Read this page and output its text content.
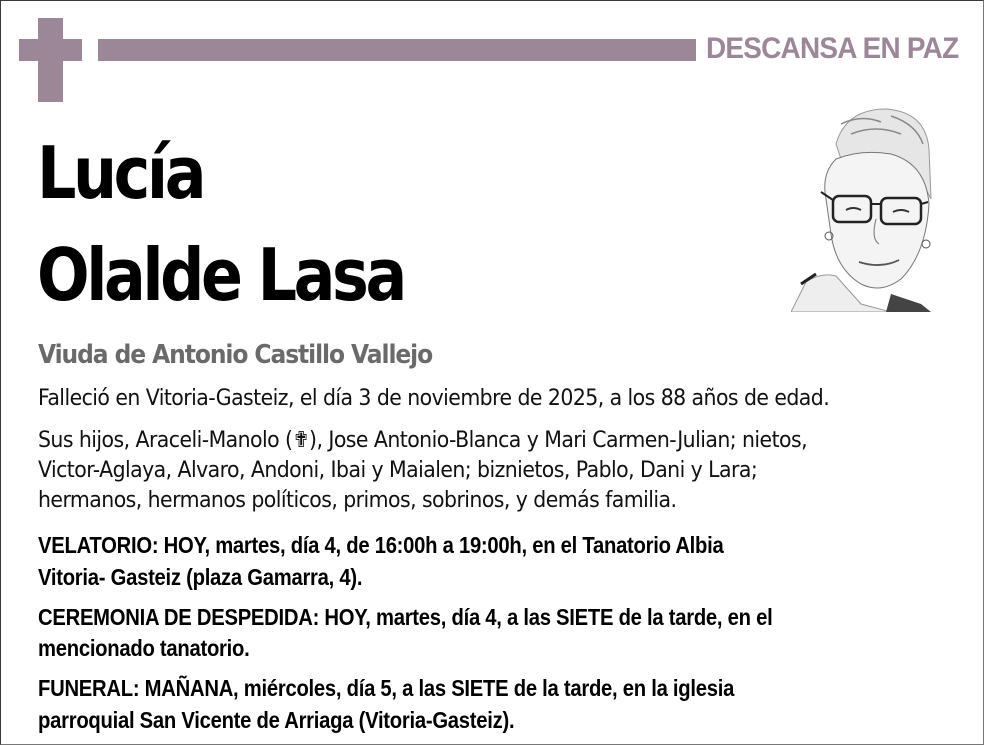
DESCANSA EN PAZ
Lucía
Olalde Lasa
Viuda de Antonio Castillo Vallejo
Falleció en Vitoria-Gasteiz, el día 3 de noviembre de 2025, a los 88 años de edad.
Sus hijos, Araceli-Manolo (✟), Jose Antonio-Blanca y Mari Carmen-Julian; nietos,
Victor-Aglaya, Alvaro, Andoni, Ibai y Maialen; biznietos, Pablo, Dani y Lara;
hermanos, hermanos políticos, primos, sobrinos, y demás familia.
VELATORIO: HOY, martes, día 4, de 16:00h a 19:00h, en el Tanatorio Albia
Vitoria- Gasteiz (plaza Gamarra, 4).
CEREMONIA DE DESPEDIDA: HOY, martes, día 4, a las SIETE de la tarde, en el
mencionado tanatorio.
FUNERAL: MAÑANA, miércoles, día 5, a las SIETE de la tarde, en la iglesia
parroquial San Vicente de Arriaga (Vitoria-Gasteiz).
